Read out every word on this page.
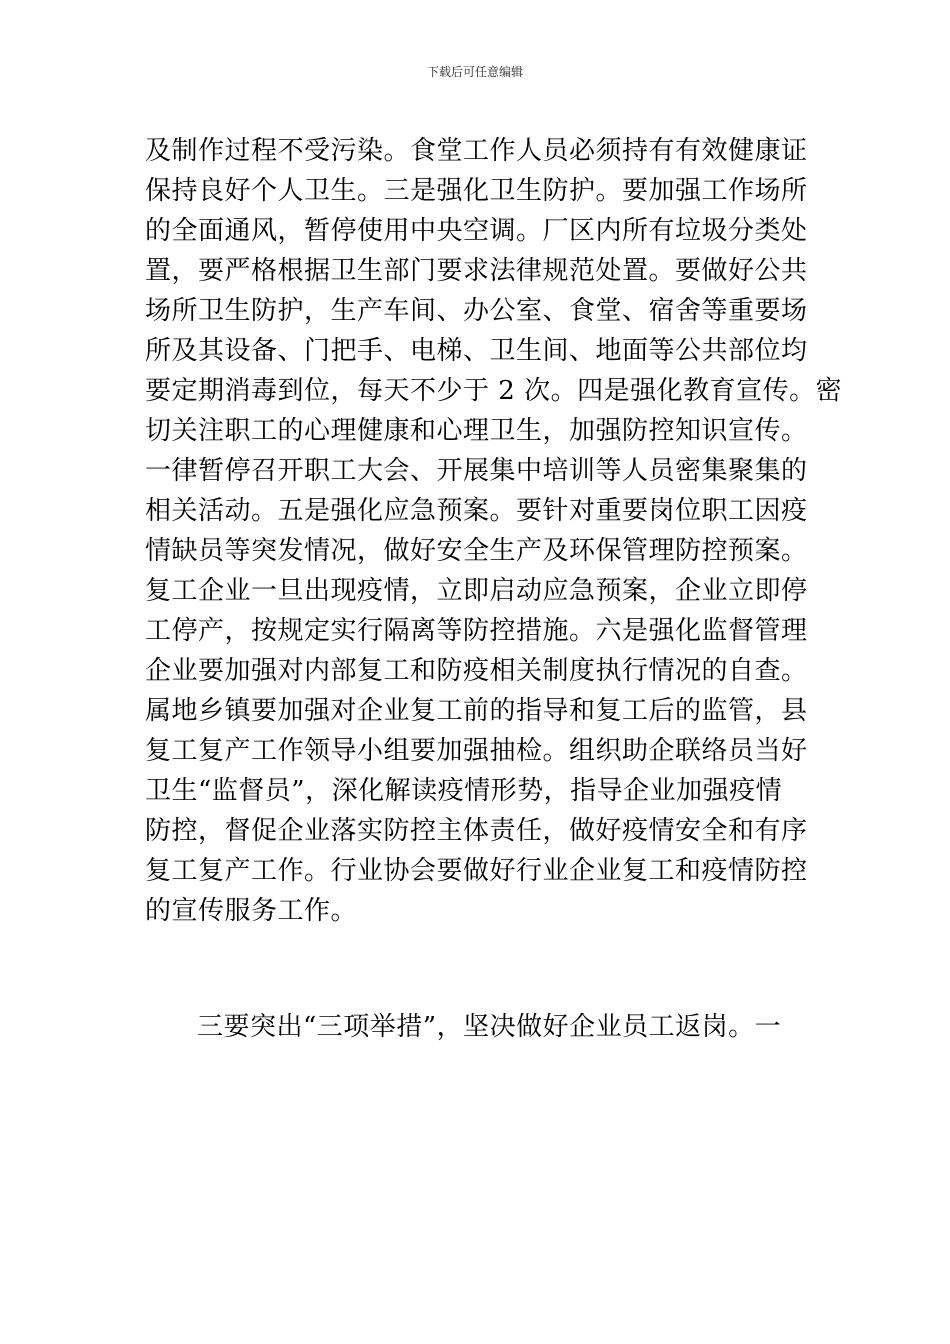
下载后可任意编辑
及制作过程不受污染。食堂工作人员必须持有有效健康证
保持良好个人卫生。三是强化卫生防护。要加强工作场所
的全面通风，暂停使用中央空调。厂区内所有垃圾分类处
置，要严格根据卫生部门要求法律规范处置。要做好公共
场所卫生防护，生产车间、办公室、食堂、宿舍等重要场
所及其设备、门把手、电梯、卫生间、地面等公共部位均
要定期消毒到位，每天不少于 2 次。四是强化教育宣传。密
切关注职工的心理健康和心理卫生，加强防控知识宣传。
一律暂停召开职工大会、开展集中培训等人员密集聚集的
相关活动。五是强化应急预案。要针对重要岗位职工因疫
情缺员等突发情况，做好安全生产及环保管理防控预案。
复工企业一旦出现疫情，立即启动应急预案，企业立即停
工停产，按规定实行隔离等防控措施。六是强化监督管理
企业要加强对内部复工和防疫相关制度执行情况的自查。
属地乡镇要加强对企业复工前的指导和复工后的监管，县
复工复产工作领导小组要加强抽检。组织助企联络员当好
卫生“监督员”，深化解读疫情形势，指导企业加强疫情
防控，督促企业落实防控主体责任，做好疫情安全和有序
复工复产工作。行业协会要做好行业企业复工和疫情防控
的宣传服务工作。
三要突出“三项举措”，坚决做好企业员工返岗。一
